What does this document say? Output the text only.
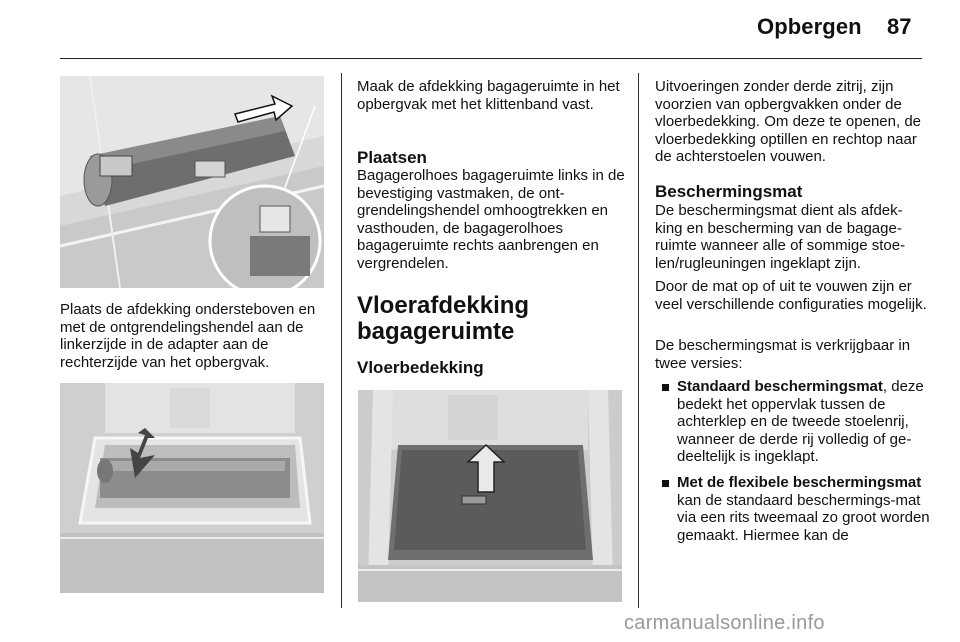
Opbergen 87
Plaats de afdekking ondersteboven en met de ontgrendelingshendel aan de linkerzijde in de adapter aan de rechterzijde van het opbergvak.
Maak de afdekking bagageruimte in het opbergvak met het klittenband vast.
Plaatsen
Bagagerolhoes bagageruimte links in de bevestiging vastmaken, de ont-grendelingshendel omhoogtrekken en vasthouden, de bagagerolhoes bagageruimte rechts aanbrengen en vergrendelen.
Vloerafdekking
bagageruimte
Vloerbedekking
Uitvoeringen zonder derde zitrij, zijn voorzien van opbergvakken onder de vloerbedekking. Om deze te openen, de vloerbedekking optillen en rechtop naar de achterstoelen vouwen.
Beschermingsmat
De beschermingsmat dient als afdek-king en bescherming van de bagage-ruimte wanneer alle of sommige stoe-len/rugleuningen ingeklapt zijn.
Door de mat op of uit te vouwen zijn er veel verschillende configuraties mogelijk.
De beschermingsmat is verkrijgbaar in twee versies:
Standaard beschermingsmat, deze bedekt het oppervlak tussen de achterklep en de tweede stoelenrij, wanneer de derde rij volledig of ge-deeltelijk is ingeklapt.
Met de flexibele beschermingsmat kan de standaard beschermings-mat via een rits tweemaal zo groot worden gemaakt. Hiermee kan de
carmanualsonline.info
